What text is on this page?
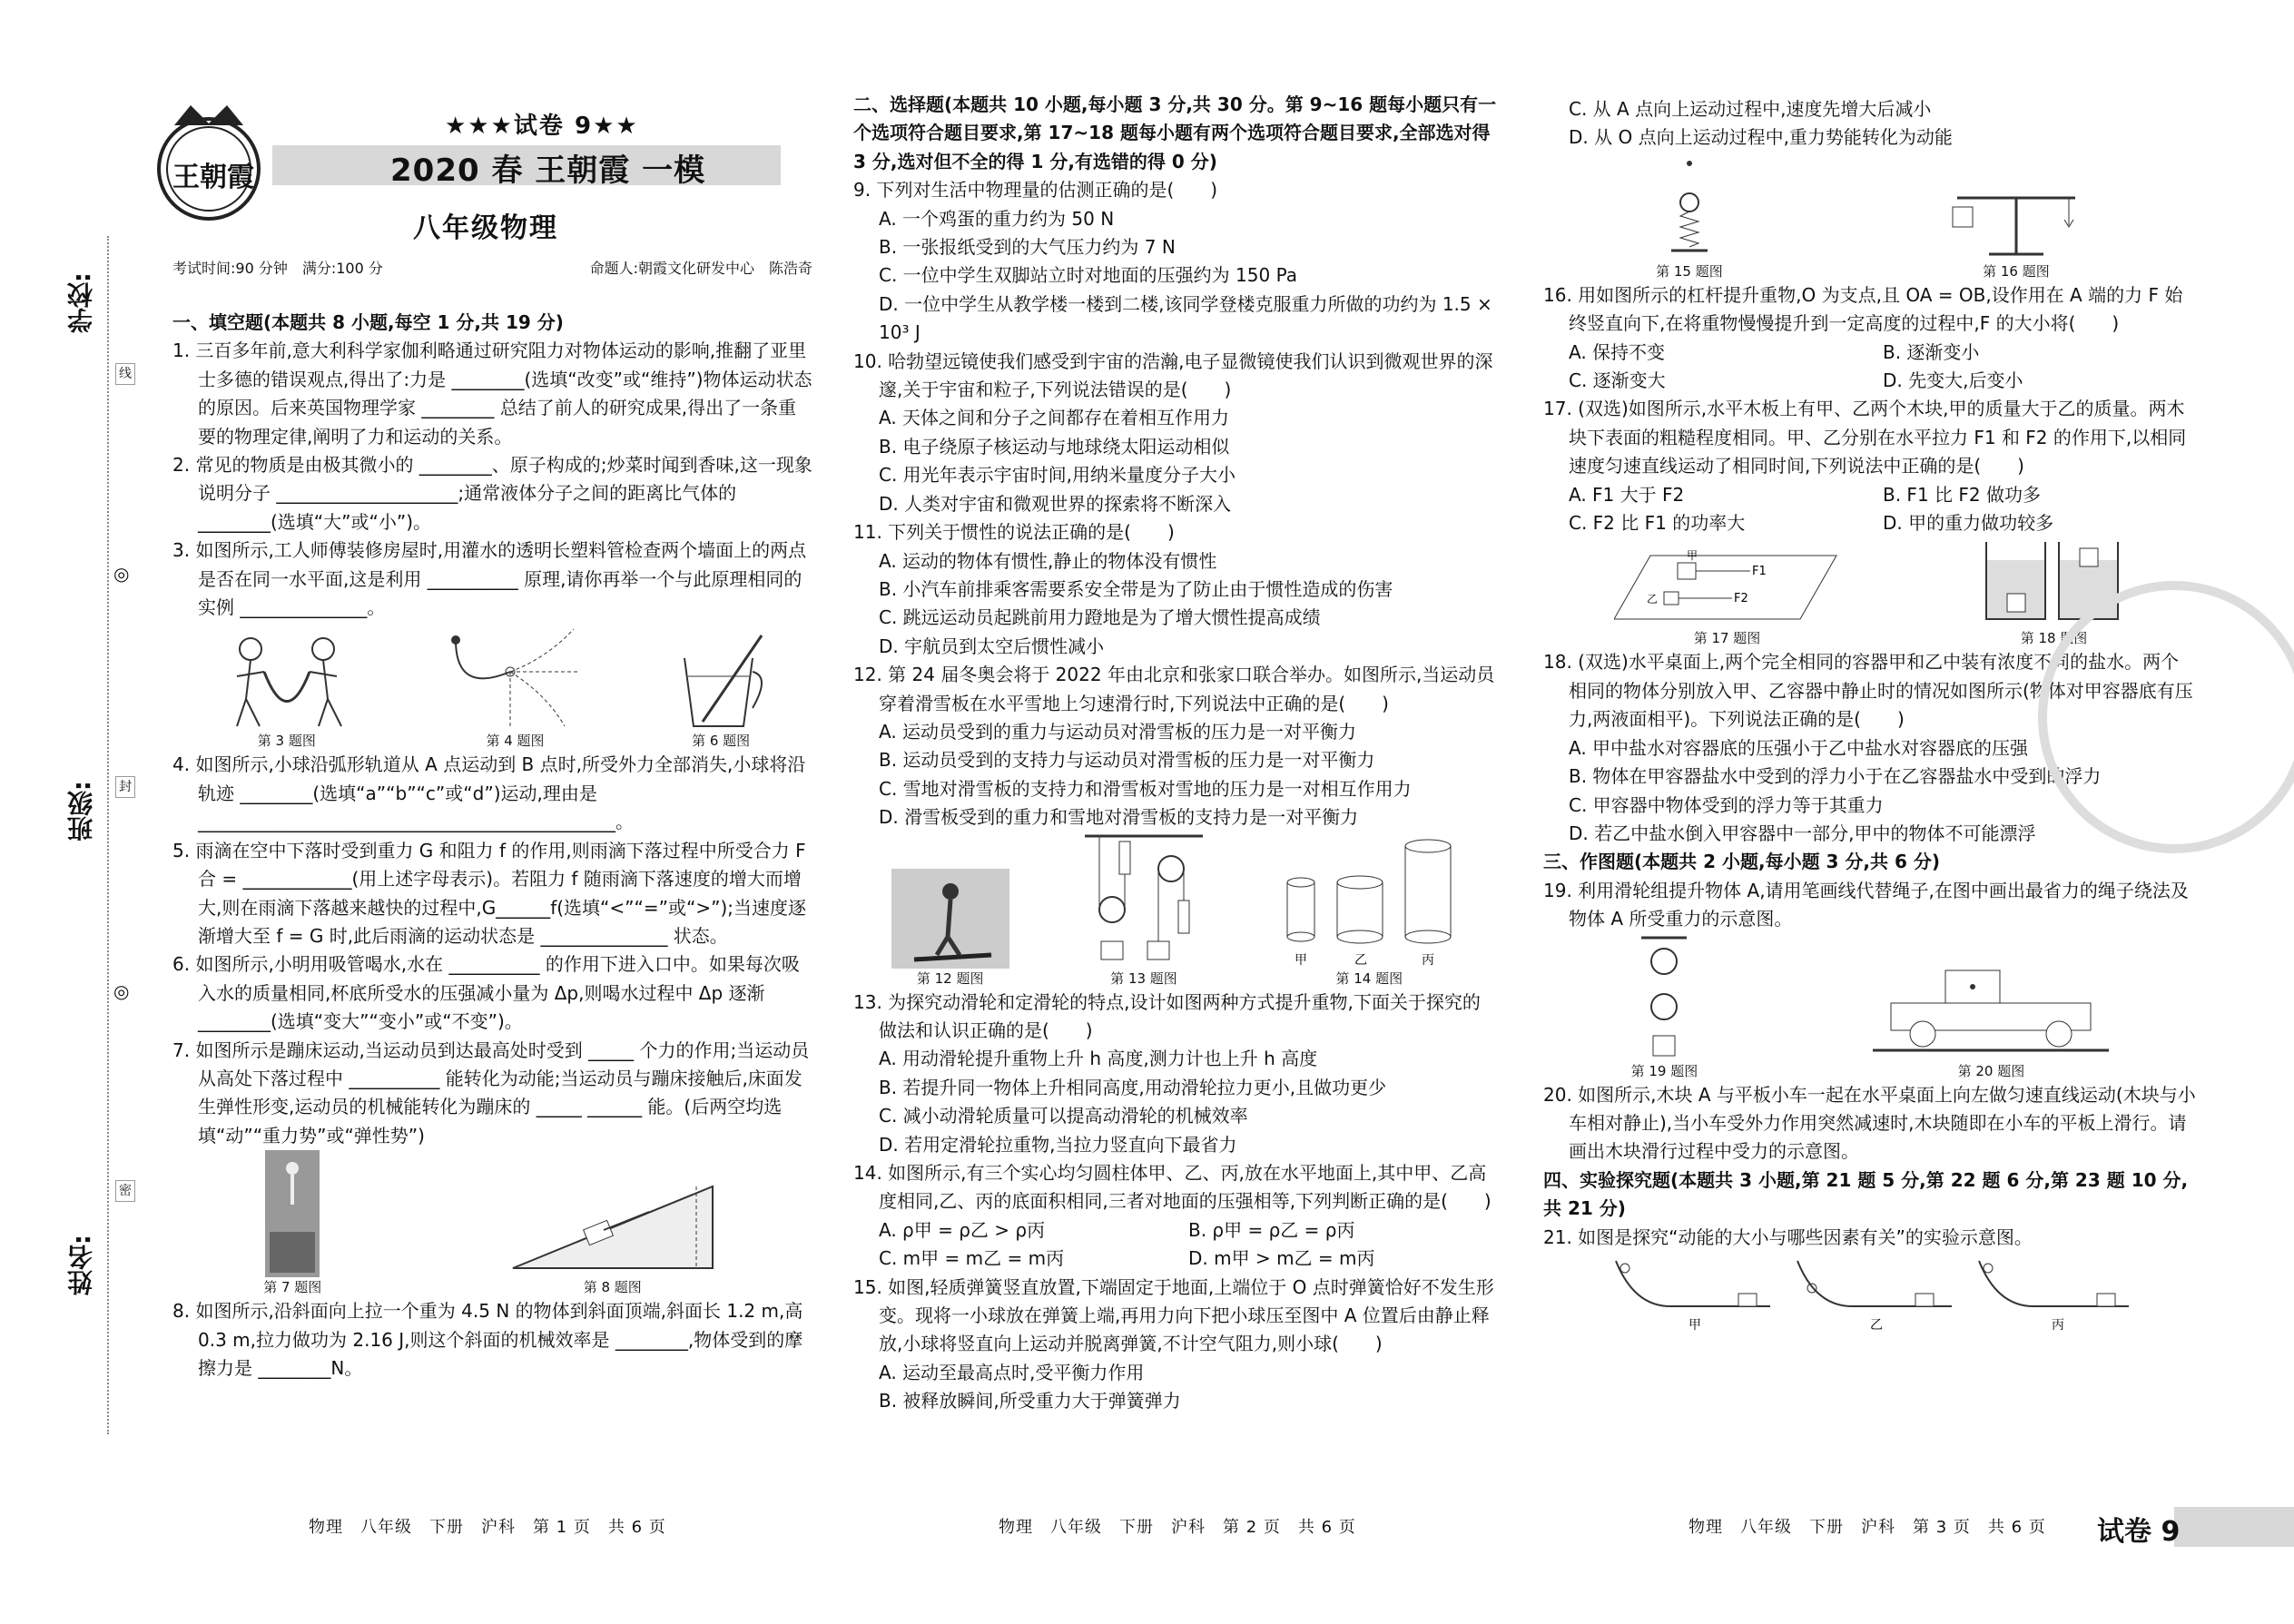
学校:
班级:
姓名:
线
封
密
◎
◎
王朝霞
★★★试卷 9★★
2020 春 王朝霞 一模
八年级物理
考试时间:90 分钟　满分:100 分	命题人:朝霞文化研发中心　陈浩奇
一、填空题(本题共 8 小题,每空 1 分,共 19 分)
1. 三百多年前,意大利科学家伽利略通过研究阻力对物体运动的影响,推翻了亚里士多德的错误观点,得出了:力是 ________(选填“改变”或“维持”)物体运动状态的原因。后来英国物理学家 ________ 总结了前人的研究成果,得出了一条重要的物理定律,阐明了力和运动的关系。
2. 常见的物质是由极其微小的 ________、原子构成的;炒菜时闻到香味,这一现象说明分子 ____________________;通常液体分子之间的距离比气体的 ________(选填“大”或“小”)。
3. 如图所示,工人师傅装修房屋时,用灌水的透明长塑料管检查两个墙面上的两点是否在同一水平面,这是利用 __________ 原理,请你再举一个与此原理相同的实例 ______________。
第 3 题图	第 4 题图	第 6 题图
4. 如图所示,小球沿弧形轨道从 A 点运动到 B 点时,所受外力全部消失,小球将沿轨迹 ________(选填“a”“b”“c”或“d”)运动,理由是 ______________________________________________。
5. 雨滴在空中下落时受到重力 G 和阻力 f 的作用,则雨滴下落过程中所受合力 F合 = ____________(用上述字母表示)。若阻力 f 随雨滴下落速度的增大而增大,则在雨滴下落越来越快的过程中,G______f(选填“<”“=”或“>”);当速度逐渐增大至 f = G 时,此后雨滴的运动状态是 ______________ 状态。
6. 如图所示,小明用吸管喝水,水在 __________ 的作用下进入口中。如果每次吸入水的质量相同,杯底所受水的压强减小量为 Δp,则喝水过程中 Δp 逐渐 ________(选填“变大”“变小”或“不变”)。
7. 如图所示是蹦床运动,当运动员到达最高处时受到 _____ 个力的作用;当运动员从高处下落过程中 __________ 能转化为动能;当运动员与蹦床接触后,床面发生弹性形变,运动员的机械能转化为蹦床的 _____ ______ 能。(后两空均选填“动”“重力势”或“弹性势”)
第 7 题图	第 8 题图
8. 如图所示,沿斜面向上拉一个重为 4.5 N 的物体到斜面顶端,斜面长 1.2 m,高 0.3 m,拉力做功为 2.16 J,则这个斜面的机械效率是 ________,物体受到的摩擦力是 ________N。
二、选择题(本题共 10 小题,每小题 3 分,共 30 分。第 9~16 题每小题只有一个选项符合题目要求,第 17~18 题每小题有两个选项符合题目要求,全部选对得 3 分,选对但不全的得 1 分,有选错的得 0 分)
9. 下列对生活中物理量的估测正确的是(　　)
A. 一个鸡蛋的重力约为 50 N
B. 一张报纸受到的大气压力约为 7 N
C. 一位中学生双脚站立时对地面的压强约为 150 Pa
D. 一位中学生从教学楼一楼到二楼,该同学登楼克服重力所做的功约为 1.5 × 10³ J
10. 哈勃望远镜使我们感受到宇宙的浩瀚,电子显微镜使我们认识到微观世界的深邃,关于宇宙和粒子,下列说法错误的是(　　)
A. 天体之间和分子之间都存在着相互作用力
B. 电子绕原子核运动与地球绕太阳运动相似
C. 用光年表示宇宙时间,用纳米量度分子大小
D. 人类对宇宙和微观世界的探索将不断深入
11. 下列关于惯性的说法正确的是(　　)
A. 运动的物体有惯性,静止的物体没有惯性
B. 小汽车前排乘客需要系安全带是为了防止由于惯性造成的伤害
C. 跳远运动员起跳前用力蹬地是为了增大惯性提高成绩
D. 宇航员到太空后惯性减小
12. 第 24 届冬奥会将于 2022 年由北京和张家口联合举办。如图所示,当运动员穿着滑雪板在水平雪地上匀速滑行时,下列说法中正确的是(　　)
A. 运动员受到的重力与运动员对滑雪板的压力是一对平衡力
B. 运动员受到的支持力与运动员对滑雪板的压力是一对平衡力
C. 雪地对滑雪板的支持力和滑雪板对雪地的压力是一对相互作用力
D. 滑雪板受到的重力和雪地对滑雪板的支持力是一对平衡力
第 12 题图	第 13 题图
甲	乙	丙
第 14 题图
13. 为探究动滑轮和定滑轮的特点,设计如图两种方式提升重物,下面关于探究的做法和认识正确的是(　　)
A. 用动滑轮提升重物上升 h 高度,测力计也上升 h 高度
B. 若提升同一物体上升相同高度,用动滑轮拉力更小,且做功更少
C. 减小动滑轮质量可以提高动滑轮的机械效率
D. 若用定滑轮拉重物,当拉力竖直向下最省力
14. 如图所示,有三个实心均匀圆柱体甲、乙、丙,放在水平地面上,其中甲、乙高度相同,乙、丙的底面积相同,三者对地面的压强相等,下列判断正确的是(　　)
A. ρ甲 = ρ乙 > ρ丙	B. ρ甲 = ρ乙 = ρ丙
C. m甲 = m乙 = m丙	D. m甲 > m乙 = m丙
15. 如图,轻质弹簧竖直放置,下端固定于地面,上端位于 O 点时弹簧恰好不发生形变。现将一小球放在弹簧上端,再用力向下把小球压至图中 A 位置后由静止释放,小球将竖直向上运动并脱离弹簧,不计空气阻力,则小球(　　)
A. 运动至最高点时,受平衡力作用
B. 被释放瞬间,所受重力大于弹簧弹力
C. 从 A 点向上运动过程中,速度先增大后减小
D. 从 O 点向上运动过程中,重力势能转化为动能
第 15 题图	第 16 题图
16. 用如图所示的杠杆提升重物,O 为支点,且 OA = OB,设作用在 A 端的力 F 始终竖直向下,在将重物慢慢提升到一定高度的过程中,F 的大小将(　　)
A. 保持不变	B. 逐渐变小
C. 逐渐变大	D. 先变大,后变小
17. (双选)如图所示,水平木板上有甲、乙两个木块,甲的质量大于乙的质量。两木块下表面的粗糙程度相同。甲、乙分别在水平拉力 F1 和 F2 的作用下,以相同速度匀速直线运动了相同时间,下列说法中正确的是(　　)
A. F1 大于 F2	B. F1 比 F2 做功多
C. F2 比 F1 的功率大	D. 甲的重力做功较多
F1
F2
甲
乙
第 17 题图	第 18 题图
18. (双选)水平桌面上,两个完全相同的容器甲和乙中装有浓度不同的盐水。两个相同的物体分别放入甲、乙容器中静止时的情况如图所示(物体对甲容器底有压力,两液面相平)。下列说法正确的是(　　)
A. 甲中盐水对容器底的压强小于乙中盐水对容器底的压强
B. 物体在甲容器盐水中受到的浮力小于在乙容器盐水中受到的浮力
C. 甲容器中物体受到的浮力等于其重力
D. 若乙中盐水倒入甲容器中一部分,甲中的物体不可能漂浮
三、作图题(本题共 2 小题,每小题 3 分,共 6 分)
19. 利用滑轮组提升物体 A,请用笔画线代替绳子,在图中画出最省力的绳子绕法及物体 A 所受重力的示意图。
第 19 题图	第 20 题图
20. 如图所示,木块 A 与平板小车一起在水平桌面上向左做匀速直线运动(木块与小车相对静止),当小车受外力作用突然减速时,木块随即在小车的平板上滑行。请画出木块滑行过程中受力的示意图。
四、实验探究题(本题共 3 小题,第 21 题 5 分,第 22 题 6 分,第 23 题 10 分,共 21 分)
21. 如图是探究“动能的大小与哪些因素有关”的实验示意图。
甲	乙	丙
物理　八年级　下册　沪科　第 1 页　共 6 页	物理　八年级　下册　沪科　第 2 页　共 6 页	物理　八年级　下册　沪科　第 3 页　共 6 页 试卷 9
